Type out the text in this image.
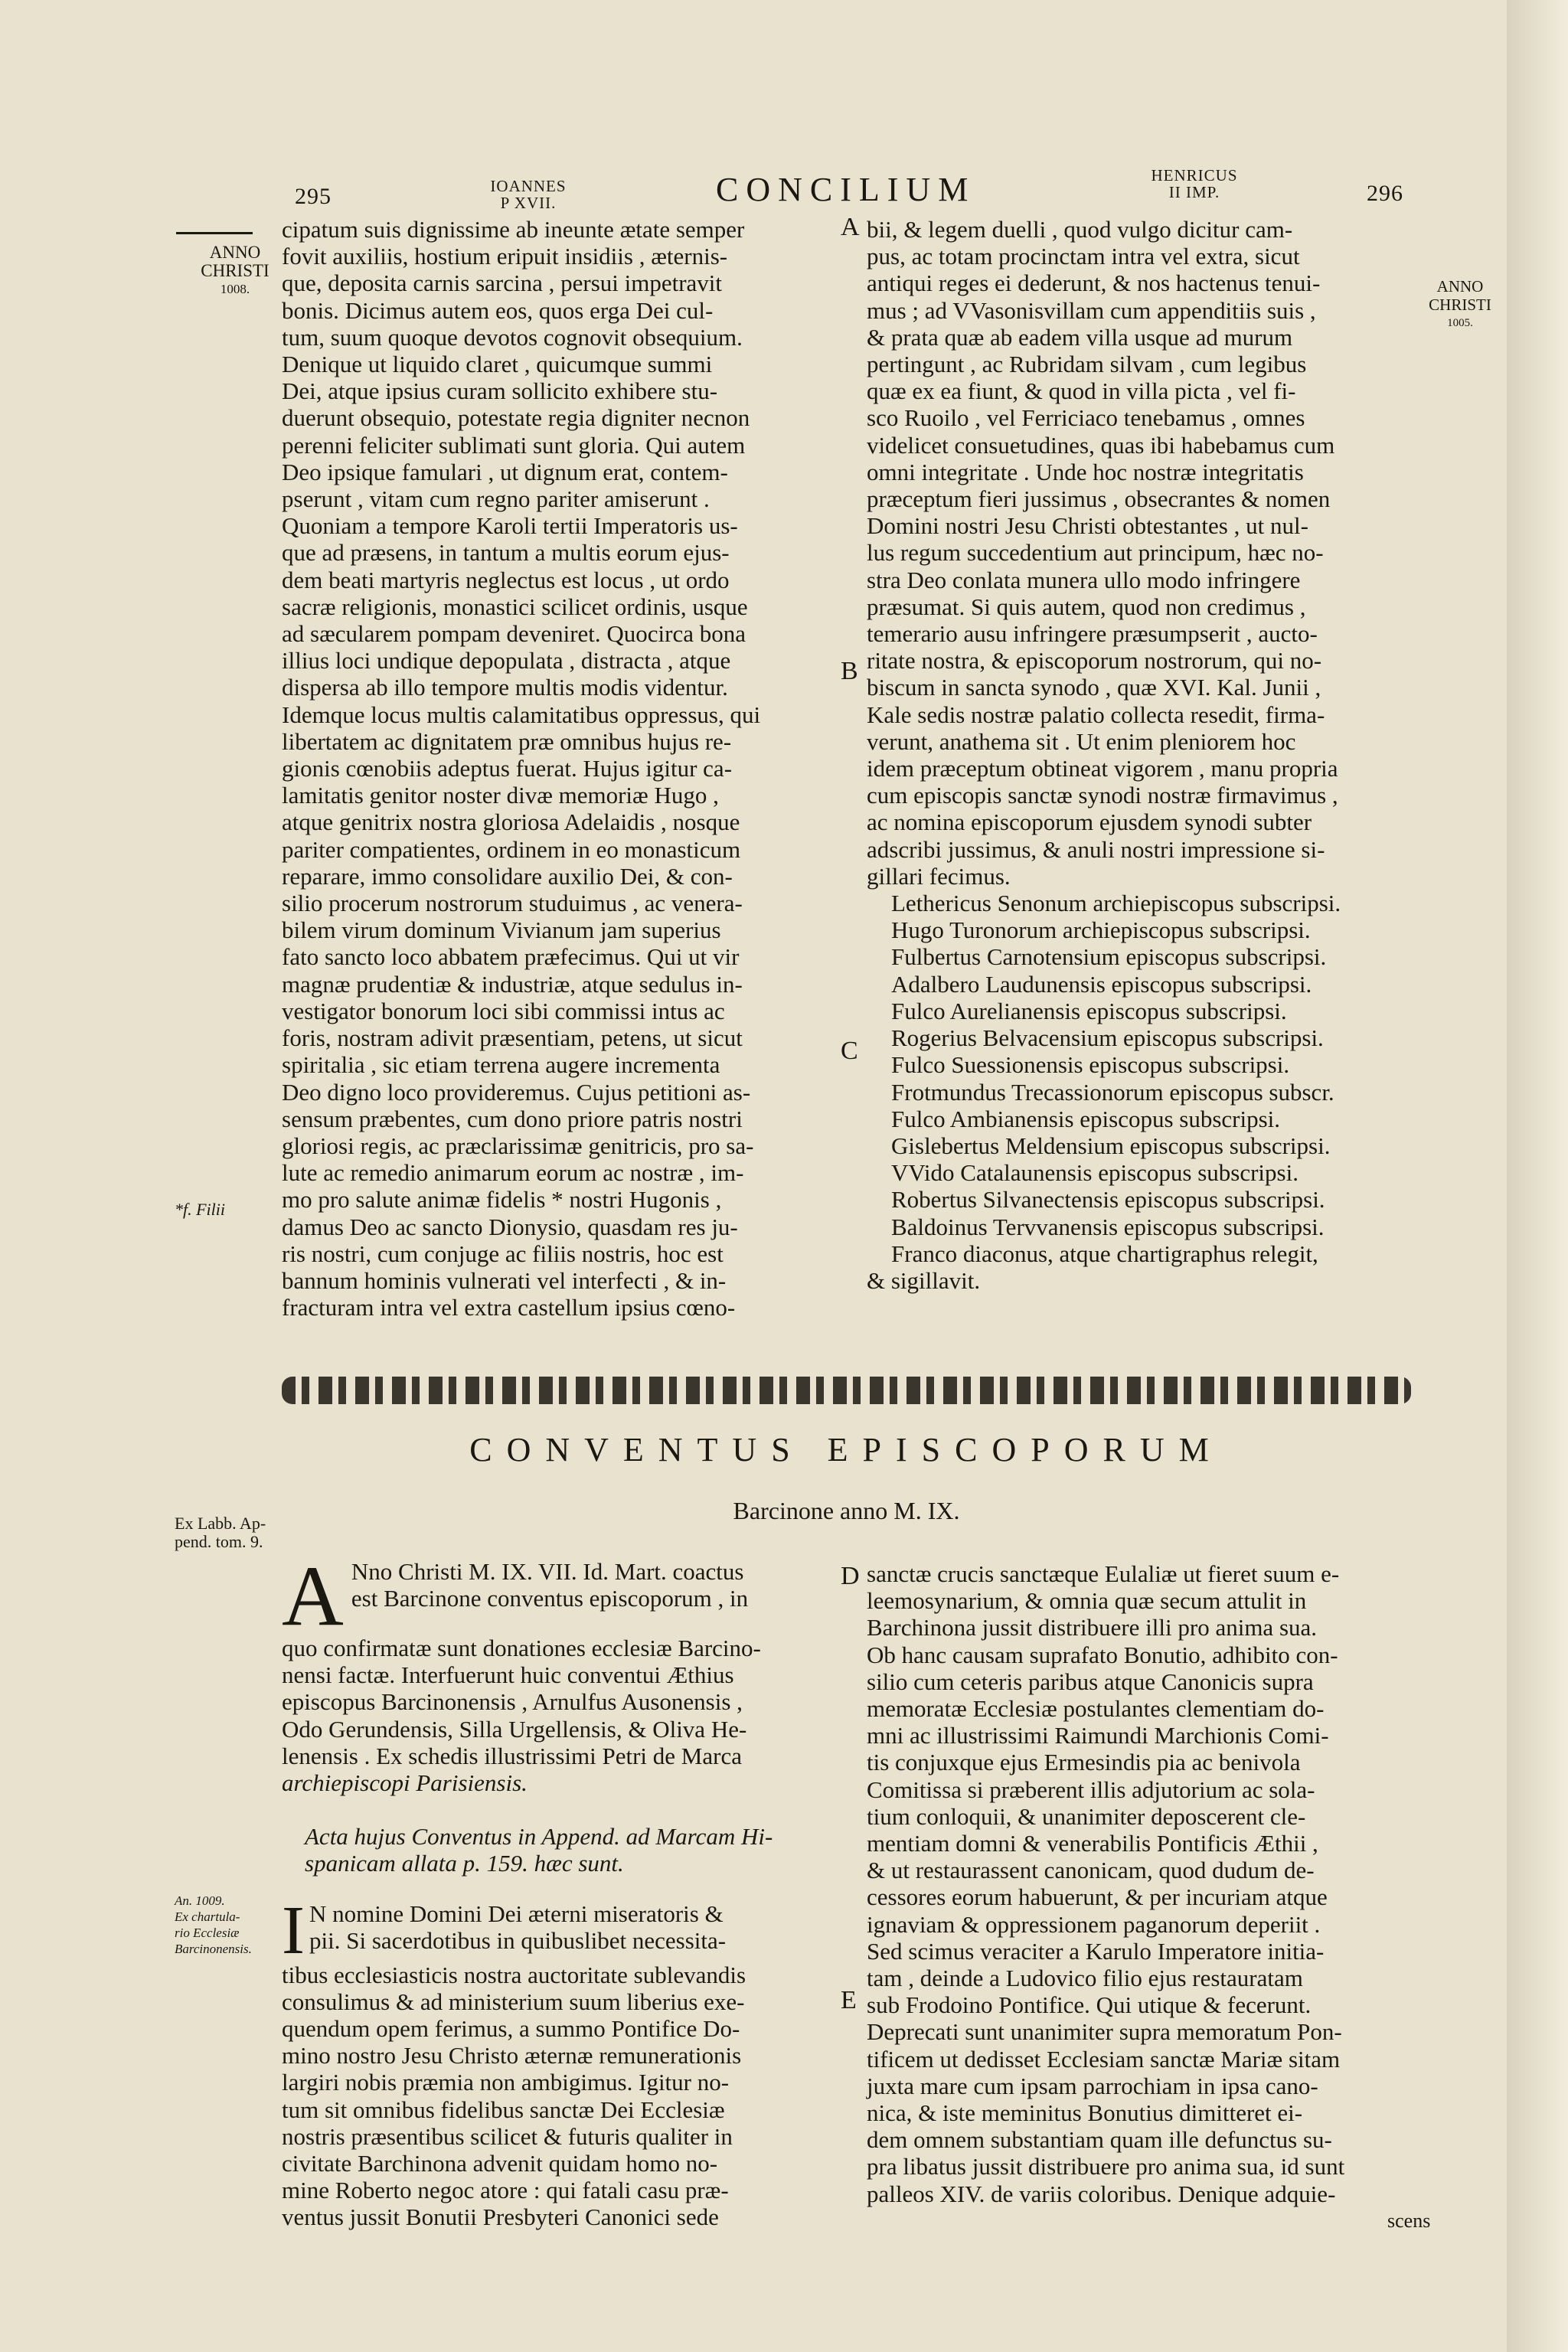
295	IOANNES
P XVII.	CONCILIUM	HENRICUS
II IMP.	296
ANNO
CHRISTI
1008.	ANNO
CHRISTI
1005.
*f. Filii
Ex Labb. Ap-
pend. tom. 9.
An. 1009.
Ex chartula-
rio Ecclesiæ
Barcinonensis.
A
B
C
D
E

cipatum suis dignissime ab ineunte ætate semper

fovit auxiliis, hostium eripuit insidiis , æternis-

que, deposita carnis sarcina , persui impetravit

bonis. Dicimus autem eos, quos erga Dei cul-

tum, suum quoque devotos cognovit obsequium.

Denique ut liquido claret , quicumque summi

Dei, atque ipsius curam sollicito exhibere stu-

duerunt obsequio, potestate regia digniter necnon

perenni feliciter sublimati sunt gloria. Qui autem

Deo ipsique famulari , ut dignum erat, contem-

pserunt , vitam cum regno pariter amiserunt .

Quoniam a tempore Karoli tertii Imperatoris us-

que ad præsens, in tantum a multis eorum ejus-

dem beati martyris neglectus est locus , ut ordo

sacræ religionis, monastici scilicet ordinis, usque

ad sæcularem pompam deveniret. Quocirca bona

illius loci undique depopulata , distracta , atque

dispersa ab illo tempore multis modis videntur.

Idemque locus multis calamitatibus oppressus, qui

libertatem ac dignitatem præ omnibus hujus re-

gionis cœnobiis adeptus fuerat. Hujus igitur ca-

lamitatis genitor noster divæ memoriæ Hugo ,

atque genitrix nostra gloriosa Adelaidis , nosque

pariter compatientes, ordinem in eo monasticum

reparare, immo consolidare auxilio Dei, & con-

silio procerum nostrorum studuimus , ac venera-

bilem virum dominum Vivianum jam superius

fato sancto loco abbatem præfecimus. Qui ut vir

magnæ prudentiæ & industriæ, atque sedulus in-

vestigator bonorum loci sibi commissi intus ac

foris, nostram adivit præsentiam, petens, ut sicut

spiritalia , sic etiam terrena augere incrementa

Deo digno loco provideremus. Cujus petitioni as-

sensum præbentes, cum dono priore patris nostri

gloriosi regis, ac præclarissimæ genitricis, pro sa-

lute ac remedio animarum eorum ac nostræ , im-

mo pro salute animæ fidelis * nostri Hugonis ,

damus Deo ac sancto Dionysio, quasdam res ju-

ris nostri, cum conjuge ac filiis nostris, hoc est

bannum hominis vulnerati vel interfecti , & in-

fracturam intra vel extra castellum ipsius cœno-

bii, & legem duelli , quod vulgo dicitur cam-

pus, ac totam procinctam intra vel extra, sicut

antiqui reges ei dederunt, & nos hactenus tenui-

mus ; ad VVasonisvillam cum appenditiis suis ,

& prata quæ ab eadem villa usque ad murum

pertingunt , ac Rubridam silvam , cum legibus

quæ ex ea fiunt, & quod in villa picta , vel fi-

sco Ruoilo , vel Ferriciaco tenebamus , omnes

videlicet consuetudines, quas ibi habebamus cum

omni integritate . Unde hoc nostræ integritatis

præceptum fieri jussimus , obsecrantes & nomen

Domini nostri Jesu Christi obtestantes , ut nul-

lus regum succedentium aut principum, hæc no-

stra Deo conlata munera ullo modo infringere

præsumat. Si quis autem, quod non credimus ,

temerario ausu infringere præsumpserit , aucto-

ritate nostra, & episcoporum nostrorum, qui no-

biscum in sancta synodo , quæ XVI. Kal. Junii ,

Kale sedis nostræ palatio collecta resedit, firma-

verunt, anathema sit . Ut enim pleniorem hoc

idem præceptum obtineat vigorem , manu propria

cum episcopis sanctæ synodi nostræ firmavimus ,

ac nomina episcoporum ejusdem synodi subter

adscribi jussimus, & anuli nostri impressione si-

gillari fecimus.

Lethericus Senonum archiepiscopus subscripsi.

Hugo Turonorum archiepiscopus subscripsi.

Fulbertus Carnotensium episcopus subscripsi.

Adalbero Laudunensis episcopus subscripsi.

Fulco Aurelianensis episcopus subscripsi.

Rogerius Belvacensium episcopus subscripsi.

Fulco Suessionensis episcopus subscripsi.

Frotmundus Trecassionorum episcopus subscr.

Fulco Ambianensis episcopus subscripsi.

Gislebertus Meldensium episcopus subscripsi.

VVido Catalaunensis episcopus subscripsi.

Robertus Silvanectensis episcopus subscripsi.

Baldoinus Tervvanensis episcopus subscripsi.

Franco diaconus, atque chartigraphus relegit,

& sigillavit.

CONVENTUS EPISCOPORUM
Barcinone anno M. IX.
A Nno Christi M. IX. VII. Id. Mart. coactus

est Barcinone conventus episcoporum , in

quo confirmatæ sunt donationes ecclesiæ Barcino-

nensi factæ. Interfuerunt huic conventui Æthius

episcopus Barcinonensis , Arnulfus Ausonensis ,

Odo Gerundensis, Silla Urgellensis, & Oliva He-

lenensis . Ex schedis illustrissimi Petri de Marca

archiepiscopi Parisiensis.

Acta hujus Conventus in Append. ad Marcam Hi-

spanicam allata p. 159. hæc sunt.

I N nomine Domini Dei æterni miseratoris &

pii. Si sacerdotibus in quibuslibet necessita-

tibus ecclesiasticis nostra auctoritate sublevandis

consulimus & ad ministerium suum liberius exe-

quendum opem ferimus, a summo Pontifice Do-

mino nostro Jesu Christo æternæ remunerationis

largiri nobis præmia non ambigimus. Igitur no-

tum sit omnibus fidelibus sanctæ Dei Ecclesiæ

nostris præsentibus scilicet & futuris qualiter in

civitate Barchinona advenit quidam homo no-

mine Roberto negoc atore : qui fatali casu præ-

ventus jussit Bonutii Presbyteri Canonici sede

sanctæ crucis sanctæque Eulaliæ ut fieret suum e-

leemosynarium, & omnia quæ secum attulit in

Barchinona jussit distribuere illi pro anima sua.

Ob hanc causam suprafato Bonutio, adhibito con-

silio cum ceteris paribus atque Canonicis supra

memoratæ Ecclesiæ postulantes clementiam do-

mni ac illustrissimi Raimundi Marchionis Comi-

tis conjuxque ejus Ermesindis pia ac benivola

Comitissa si præberent illis adjutorium ac sola-

tium conloquii, & unanimiter deposcerent cle-

mentiam domni & venerabilis Pontificis Æthii ,

& ut restaurassent canonicam, quod dudum de-

cessores eorum habuerunt, & per incuriam atque

ignaviam & oppressionem paganorum deperiit .

Sed scimus veraciter a Karulo Imperatore initia-

tam , deinde a Ludovico filio ejus restauratam

sub Frodoino Pontifice. Qui utique & fecerunt.

Deprecati sunt unanimiter supra memoratum Pon-

tificem ut dedisset Ecclesiam sanctæ Mariæ sitam

juxta mare cum ipsam parrochiam in ipsa cano-

nica, & iste meminitus Bonutius dimitteret ei-

dem omnem substantiam quam ille defunctus su-

pra libatus jussit distribuere pro anima sua, id sunt

palleos XIV. de variis coloribus. Denique adquie-

scens
